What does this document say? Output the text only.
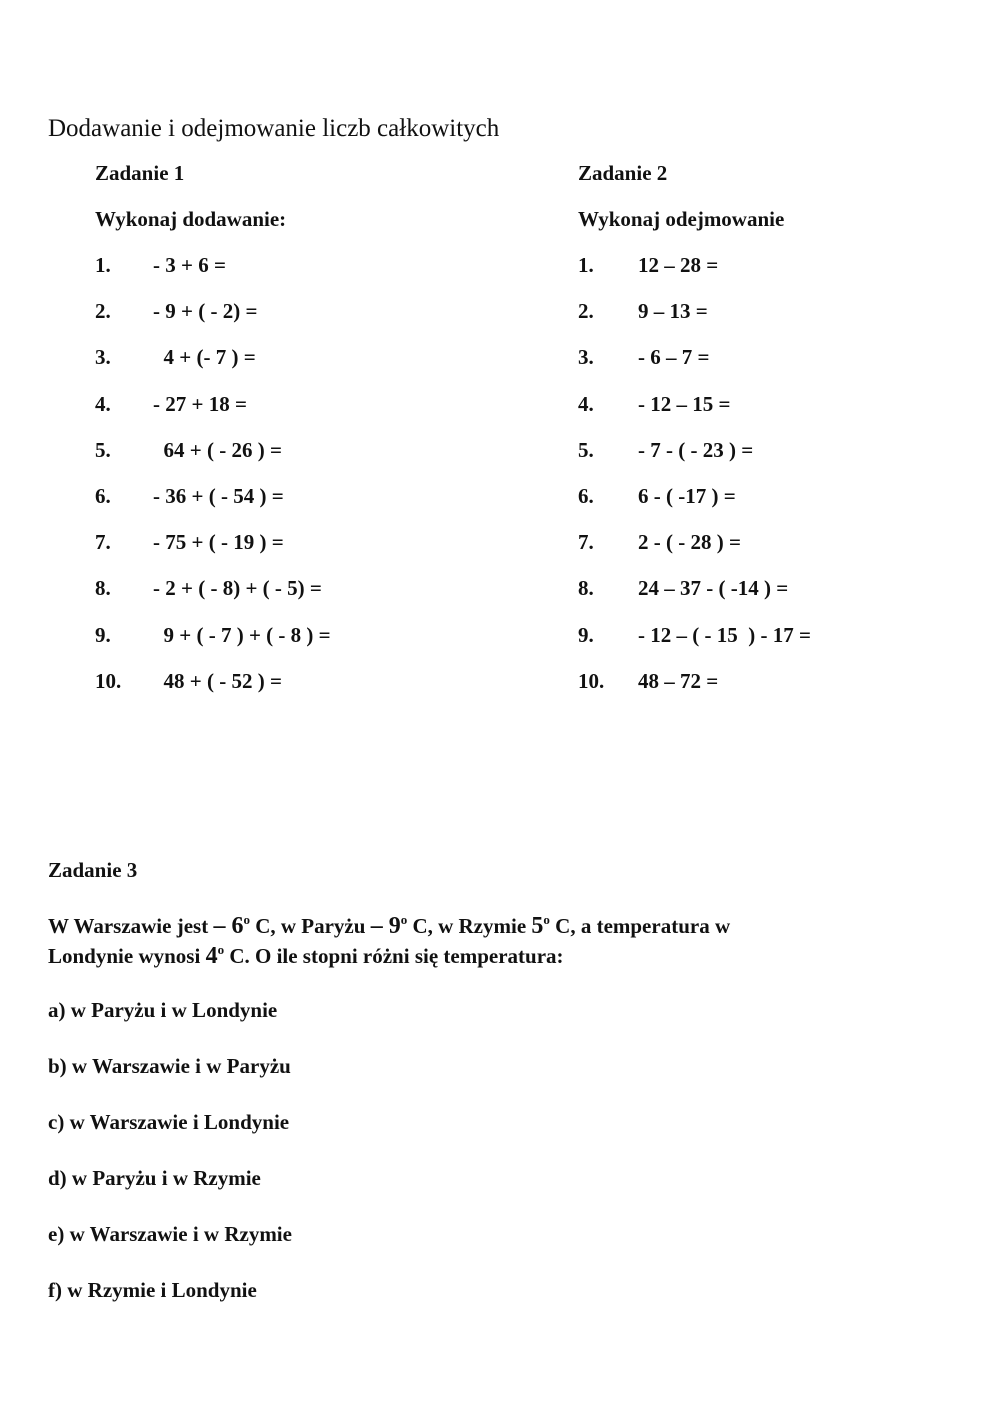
Dodawanie i odejmowanie liczb całkowitych
Zadanie 1
Wykonaj dodawanie:
1. - 3 + 6 =
2. - 9 + ( - 2) =
3.  4 + (- 7 ) =
4. - 27 + 18 =
5.  64 + ( - 26 ) =
6. - 36 + ( - 54 ) =
7. - 75 + ( - 19 ) =
8. - 2 + ( - 8) + ( - 5) =
9.  9 + ( - 7 ) + ( - 8 ) =
10.  48 + ( - 52 ) =
Zadanie 2
Wykonaj odejmowanie
1. 12 – 28 =
2. 9 – 13 =
3. - 6 – 7 =
4. - 12 – 15 =
5. - 7 - ( - 23 ) =
6. 6 - ( -17 ) =
7. 2 - ( - 28 ) =
8. 24 – 37 - ( -14 ) =
9. - 12 – ( - 15  ) - 17 =
10. 48 – 72 =
Zadanie 3
W Warszawie jest – 6$^o$ C, w Paryżu – 9$^o$ C, w Rzymie 5$^o$ C, a temperatura w
Londynie wynosi 4$^o$ C. O ile stopni różni się temperatura:
a) w Paryżu i w Londynie
b) w Warszawie i w Paryżu
c) w Warszawie i Londynie
d) w Paryżu i w Rzymie
e) w Warszawie i w Rzymie
f) w Rzymie i Londynie
